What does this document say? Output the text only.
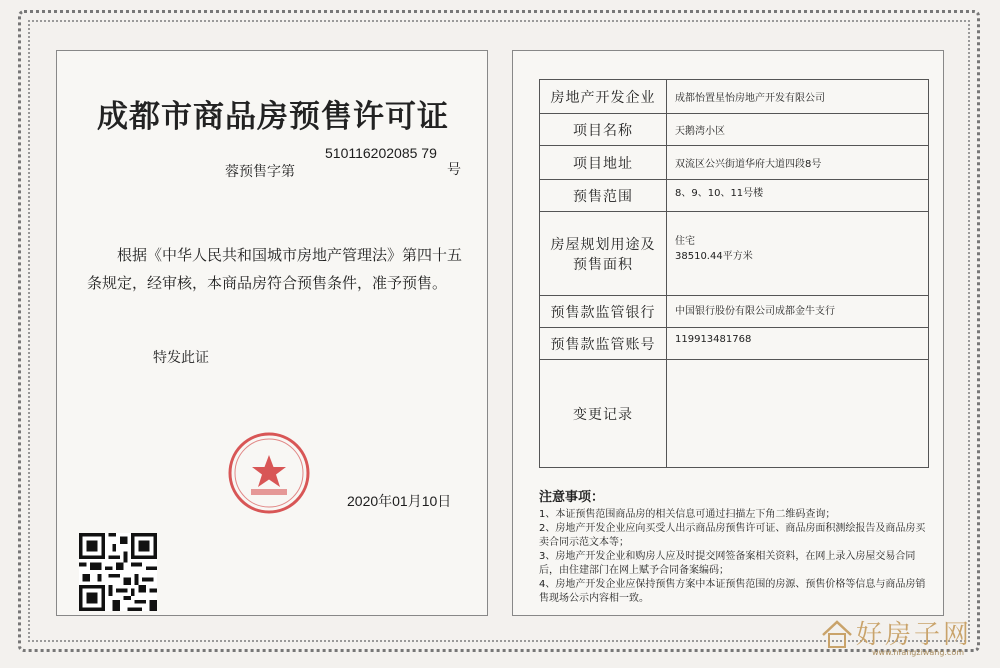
成都市商品房预售许可证
蓉预售字第
510116202085 79
号
根据《中华人民共和国城市房地产管理法》第四十五条规定，经审核，本商品房符合预售条件，准予预售。
特发此证
2020年01月10日
房地产开发企业	成都怡置星怡房地产开发有限公司
项目名称	天鹅湾小区
项目地址	双流区公兴街道华府大道四段8号
预售范围	8、9、10、11号楼
房屋规划用途及预售面积	住宅
38510.44平方米

预售款监管银行	中国银行股份有限公司成都金牛支行
预售款监管账号	119913481768
变更记录	
注意事项：

1、本证预售范围商品房的相关信息可通过扫描左下角二维码查询；

2、房地产开发企业应向买受人出示商品房预售许可证、商品房面积测绘报告及商品房买卖合同示范文本等；

3、房地产开发企业和购房人应及时提交网签备案相关资料，在网上录入房屋交易合同后，由住建部门在网上赋予合同备案编码；

4、房地产开发企业应保持预售方案中本证预售范围的房源、预售价格等信息与商品房销售现场公示内容相一致。

好房子网
www.hfangziwang.com
